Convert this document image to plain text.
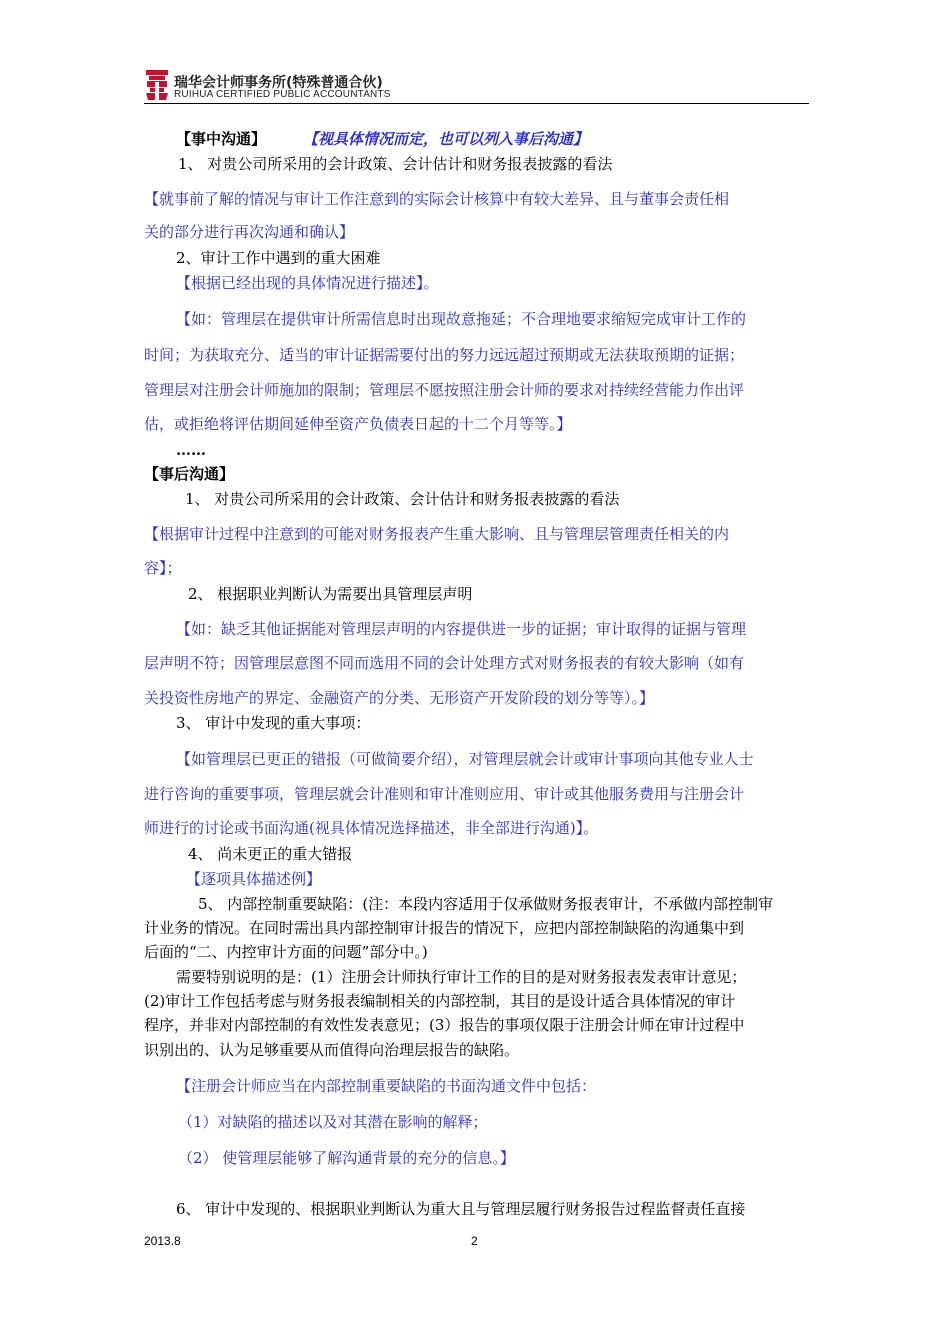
瑞华会计师事务所(特殊普通合伙)
RUIHUA CERTIFIED PUBLIC ACCOUNTANTS
【事中沟通】 【视具体情况而定，也可以列入事后沟通】
1、 对贵公司所采用的会计政策、会计估计和财务报表披露的看法
【就事前了解的情况与审计工作注意到的实际会计核算中有较大差异、且与董事会责任相
关的部分进行再次沟通和确认】
2、审计工作中遇到的重大困难
【根据已经出现的具体情况进行描述】。
【如：管理层在提供审计所需信息时出现故意拖延；不合理地要求缩短完成审计工作的
时间；为获取充分、适当的审计证据需要付出的努力远远超过预期或无法获取预期的证据；
管理层对注册会计师施加的限制；管理层不愿按照注册会计师的要求对持续经营能力作出评
估，或拒绝将评估期间延伸至资产负债表日起的十二个月等等。】
……
【事后沟通】
1、 对贵公司所采用的会计政策、会计估计和财务报表披露的看法
【根据审计过程中注意到的可能对财务报表产生重大影响、且与管理层管理责任相关的内
容】；
2、 根据职业判断认为需要出具管理层声明
【如：缺乏其他证据能对管理层声明的内容提供进一步的证据；审计取得的证据与管理
层声明不符；因管理层意图不同而选用不同的会计处理方式对财务报表的有较大影响（如有
关投资性房地产的界定、金融资产的分类、无形资产开发阶段的划分等等）。】
3、 审计中发现的重大事项：
【如管理层已更正的错报（可做简要介绍），对管理层就会计或审计事项向其他专业人士
进行咨询的重要事项，管理层就会计准则和审计准则应用、审计或其他服务费用与注册会计
师进行的讨论或书面沟通(视具体情况选择描述，非全部进行沟通)】。
4、 尚未更正的重大错报
【逐项具体描述例】
5、 内部控制重要缺陷：(注：本段内容适用于仅承做财务报表审计，不承做内部控制审
计业务的情况。在同时需出具内部控制审计报告的情况下，应把内部控制缺陷的沟通集中到
后面的“二、内控审计方面的问题”部分中。)
需要特别说明的是：(1）注册会计师执行审计工作的目的是对财务报表发表审计意见；
(2)审计工作包括考虑与财务报表编制相关的内部控制，其目的是设计适合具体情况的审计
程序，并非对内部控制的有效性发表意见；(3）报告的事项仅限于注册会计师在审计过程中
识别出的、认为足够重要从而值得向治理层报告的缺陷。
【注册会计师应当在内部控制重要缺陷的书面沟通文件中包括：
（1）对缺陷的描述以及对其潜在影响的解释；
（2） 使管理层能够了解沟通背景的充分的信息。】
6、 审计中发现的、根据职业判断认为重大且与管理层履行财务报告过程监督责任直接
2013.8	2
